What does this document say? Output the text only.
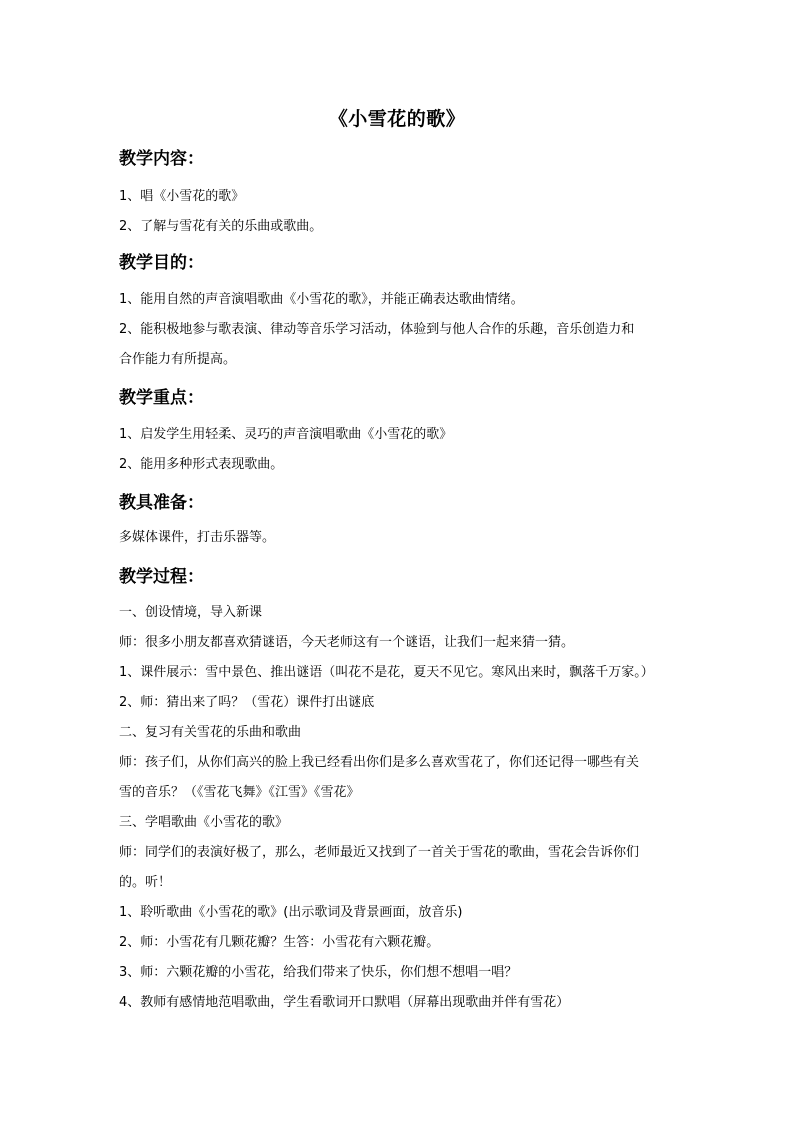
《小雪花的歌》

教学内容：

1、唱《小雪花的歌》

2、了解与雪花有关的乐曲或歌曲。

教学目的：

1、能用自然的声音演唱歌曲《小雪花的歌》，并能正确表达歌曲情绪。

2、能积极地参与歌表演、律动等音乐学习活动，体验到与他人合作的乐趣，音乐创造力和

合作能力有所提高。

教学重点：

1、启发学生用轻柔、灵巧的声音演唱歌曲《小雪花的歌》

2、能用多种形式表现歌曲。

教具准备：

多媒体课件，打击乐器等。

教学过程：

一、创设情境，导入新课

师：很多小朋友都喜欢猜谜语，今天老师这有一个谜语，让我们一起来猜一猜。

1、课件展示：雪中景色、推出谜语（叫花不是花，夏天不见它。寒风出来时，飘落千万家。）

2、师：猜出来了吗？（雪花）课件打出谜底

二、复习有关雪花的乐曲和歌曲

师：孩子们，从你们高兴的脸上我已经看出你们是多么喜欢雪花了，你们还记得一哪些有关

雪的音乐？（《雪花飞舞》《江雪》《雪花》

三、学唱歌曲《小雪花的歌》

师：同学们的表演好极了，那么，老师最近又找到了一首关于雪花的歌曲，雪花会告诉你们

的。听！

1、聆听歌曲《小雪花的歌》(出示歌词及背景画面，放音乐)

2、师：小雪花有几颗花瓣？生答：小雪花有六颗花瓣。

3、师：六颗花瓣的小雪花，给我们带来了快乐，你们想不想唱一唱？

4、教师有感情地范唱歌曲，学生看歌词开口默唱（屏幕出现歌曲并伴有雪花）
